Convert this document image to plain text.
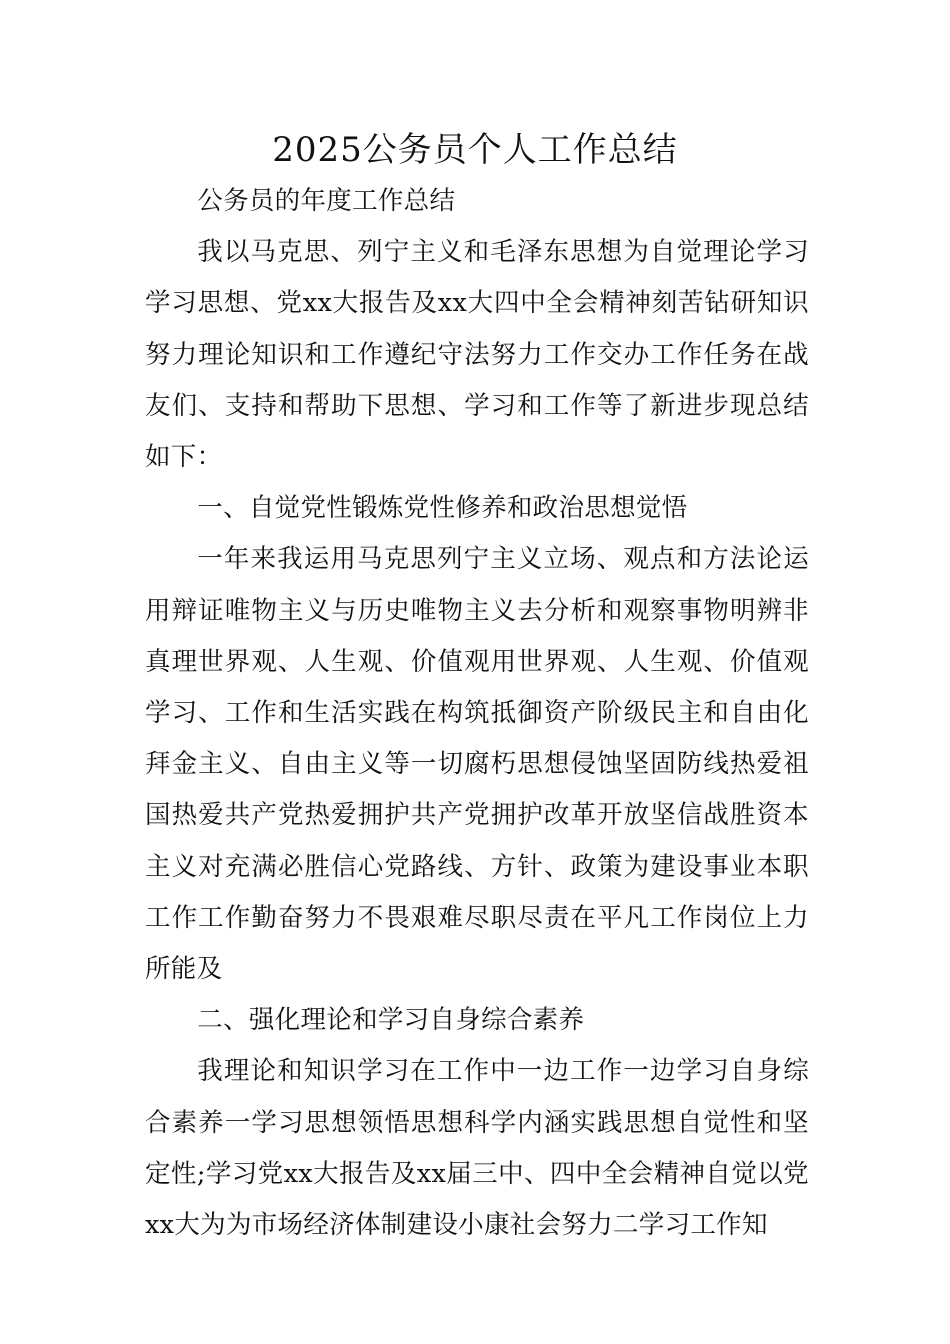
2025公务员个人工作总结

公务员的年度工作总结

我以马克思、列宁主义和毛泽东思想为自觉理论学习学习思想、党xx大报告及xx大四中全会精神刻苦钻研知识努力理论知识和工作遵纪守法努力工作交办工作任务在战友们、支持和帮助下思想、学习和工作等了新进步现总结如下：

一、自觉党性锻炼党性修养和政治思想觉悟

一年来我运用马克思列宁主义立场、观点和方法论运用辩证唯物主义与历史唯物主义去分析和观察事物明辨非真理世界观、人生观、价值观用世界观、人生观、价值观学习、工作和生活实践在构筑抵御资产阶级民主和自由化拜金主义、自由主义等一切腐朽思想侵蚀坚固防线热爱祖国热爱共产党热爱拥护共产党拥护改革开放坚信战胜资本主义对充满必胜信心党路线、方针、政策为建设事业本职工作工作勤奋努力不畏艰难尽职尽责在平凡工作岗位上力所能及

二、强化理论和学习自身综合素养

我理论和知识学习在工作中一边工作一边学习自身综合素养一学习思想领悟思想科学内涵实践思想自觉性和坚定性;学习党xx大报告及xx届三中、四中全会精神自觉以党xx大为为市场经济体制建设小康社会努力二学习工作知
